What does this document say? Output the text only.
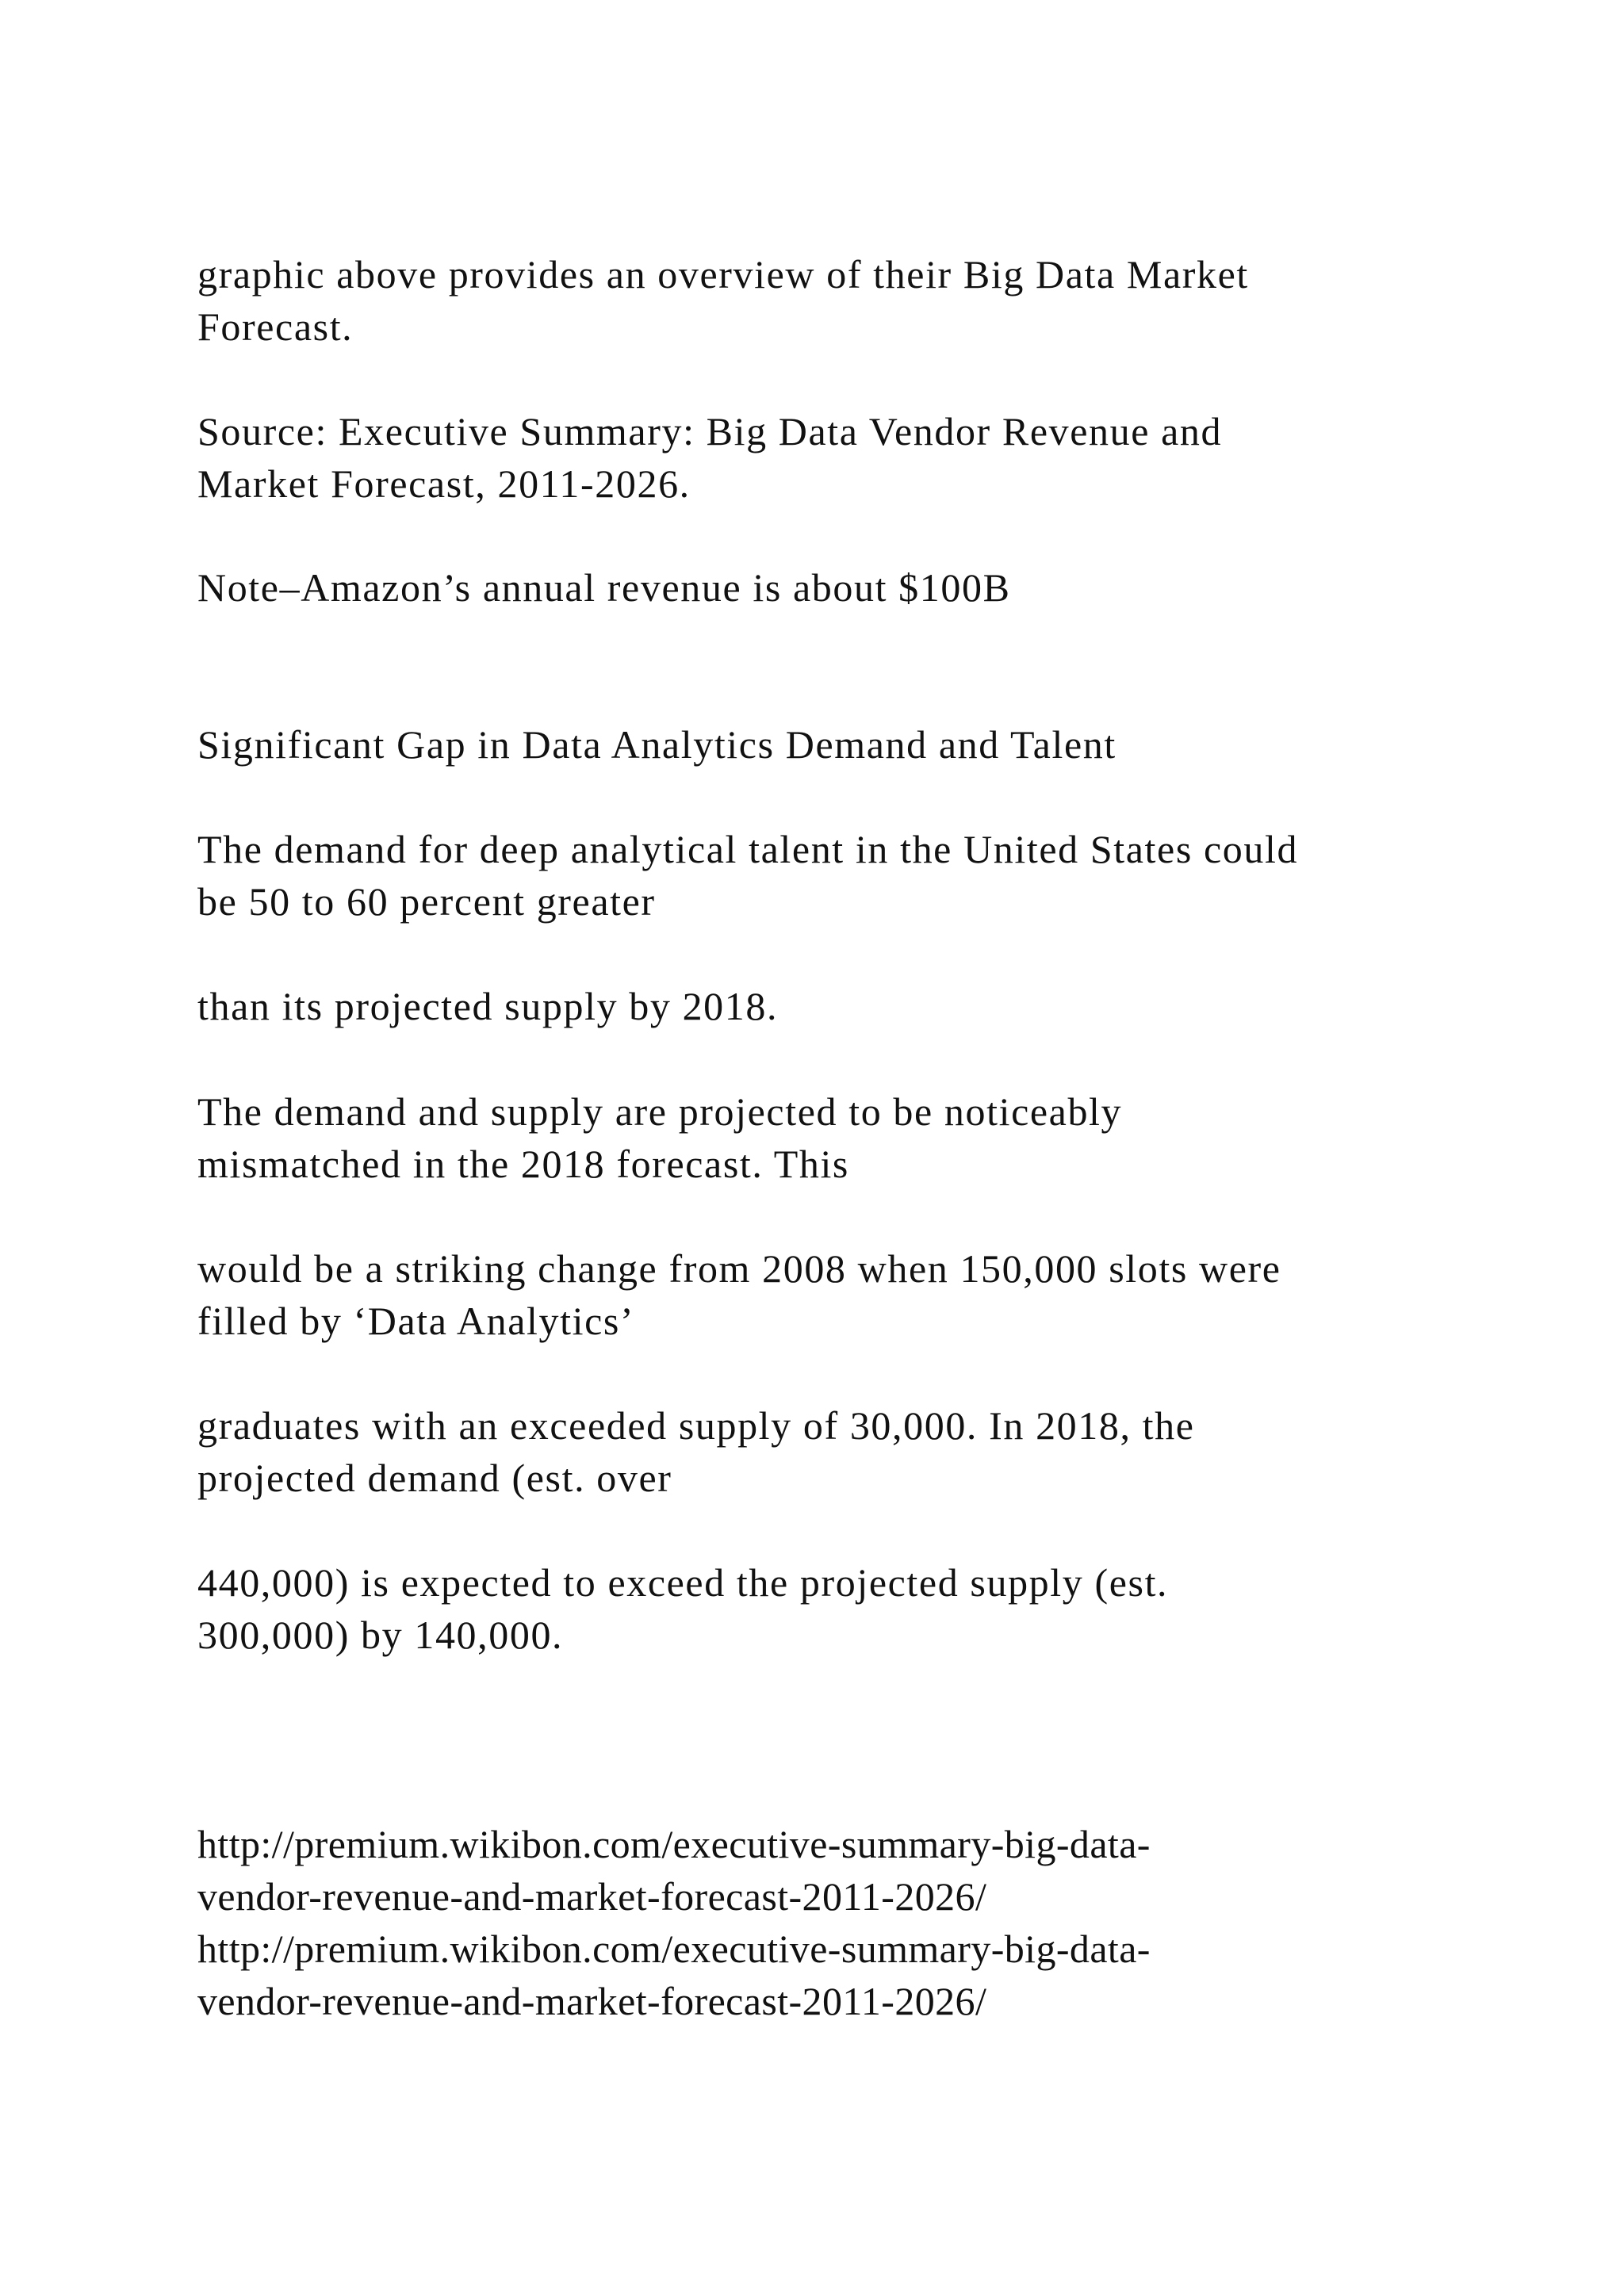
graphic above provides an overview of their Big Data Market
Forecast.

Source: Executive Summary: Big Data Vendor Revenue and
Market Forecast, 2011-2026.

Note–Amazon’s annual revenue is about $100B

Significant Gap in Data Analytics Demand and Talent

The demand for deep analytical talent in the United States could
be 50 to 60 percent greater

than its projected supply by 2018.

The demand and supply are projected to be noticeably
mismatched in the 2018 forecast. This

would be a striking change from 2008 when 150,000 slots were
filled by ‘Data Analytics’

graduates with an exceeded supply of 30,000. In 2018, the
projected demand (est. over

440,000) is expected to exceed the projected supply (est.
300,000) by 140,000.

http://premium.wikibon.com/executive-summary-big-data-
vendor-revenue-and-market-forecast-2011-2026/

http://premium.wikibon.com/executive-summary-big-data-
vendor-revenue-and-market-forecast-2011-2026/
